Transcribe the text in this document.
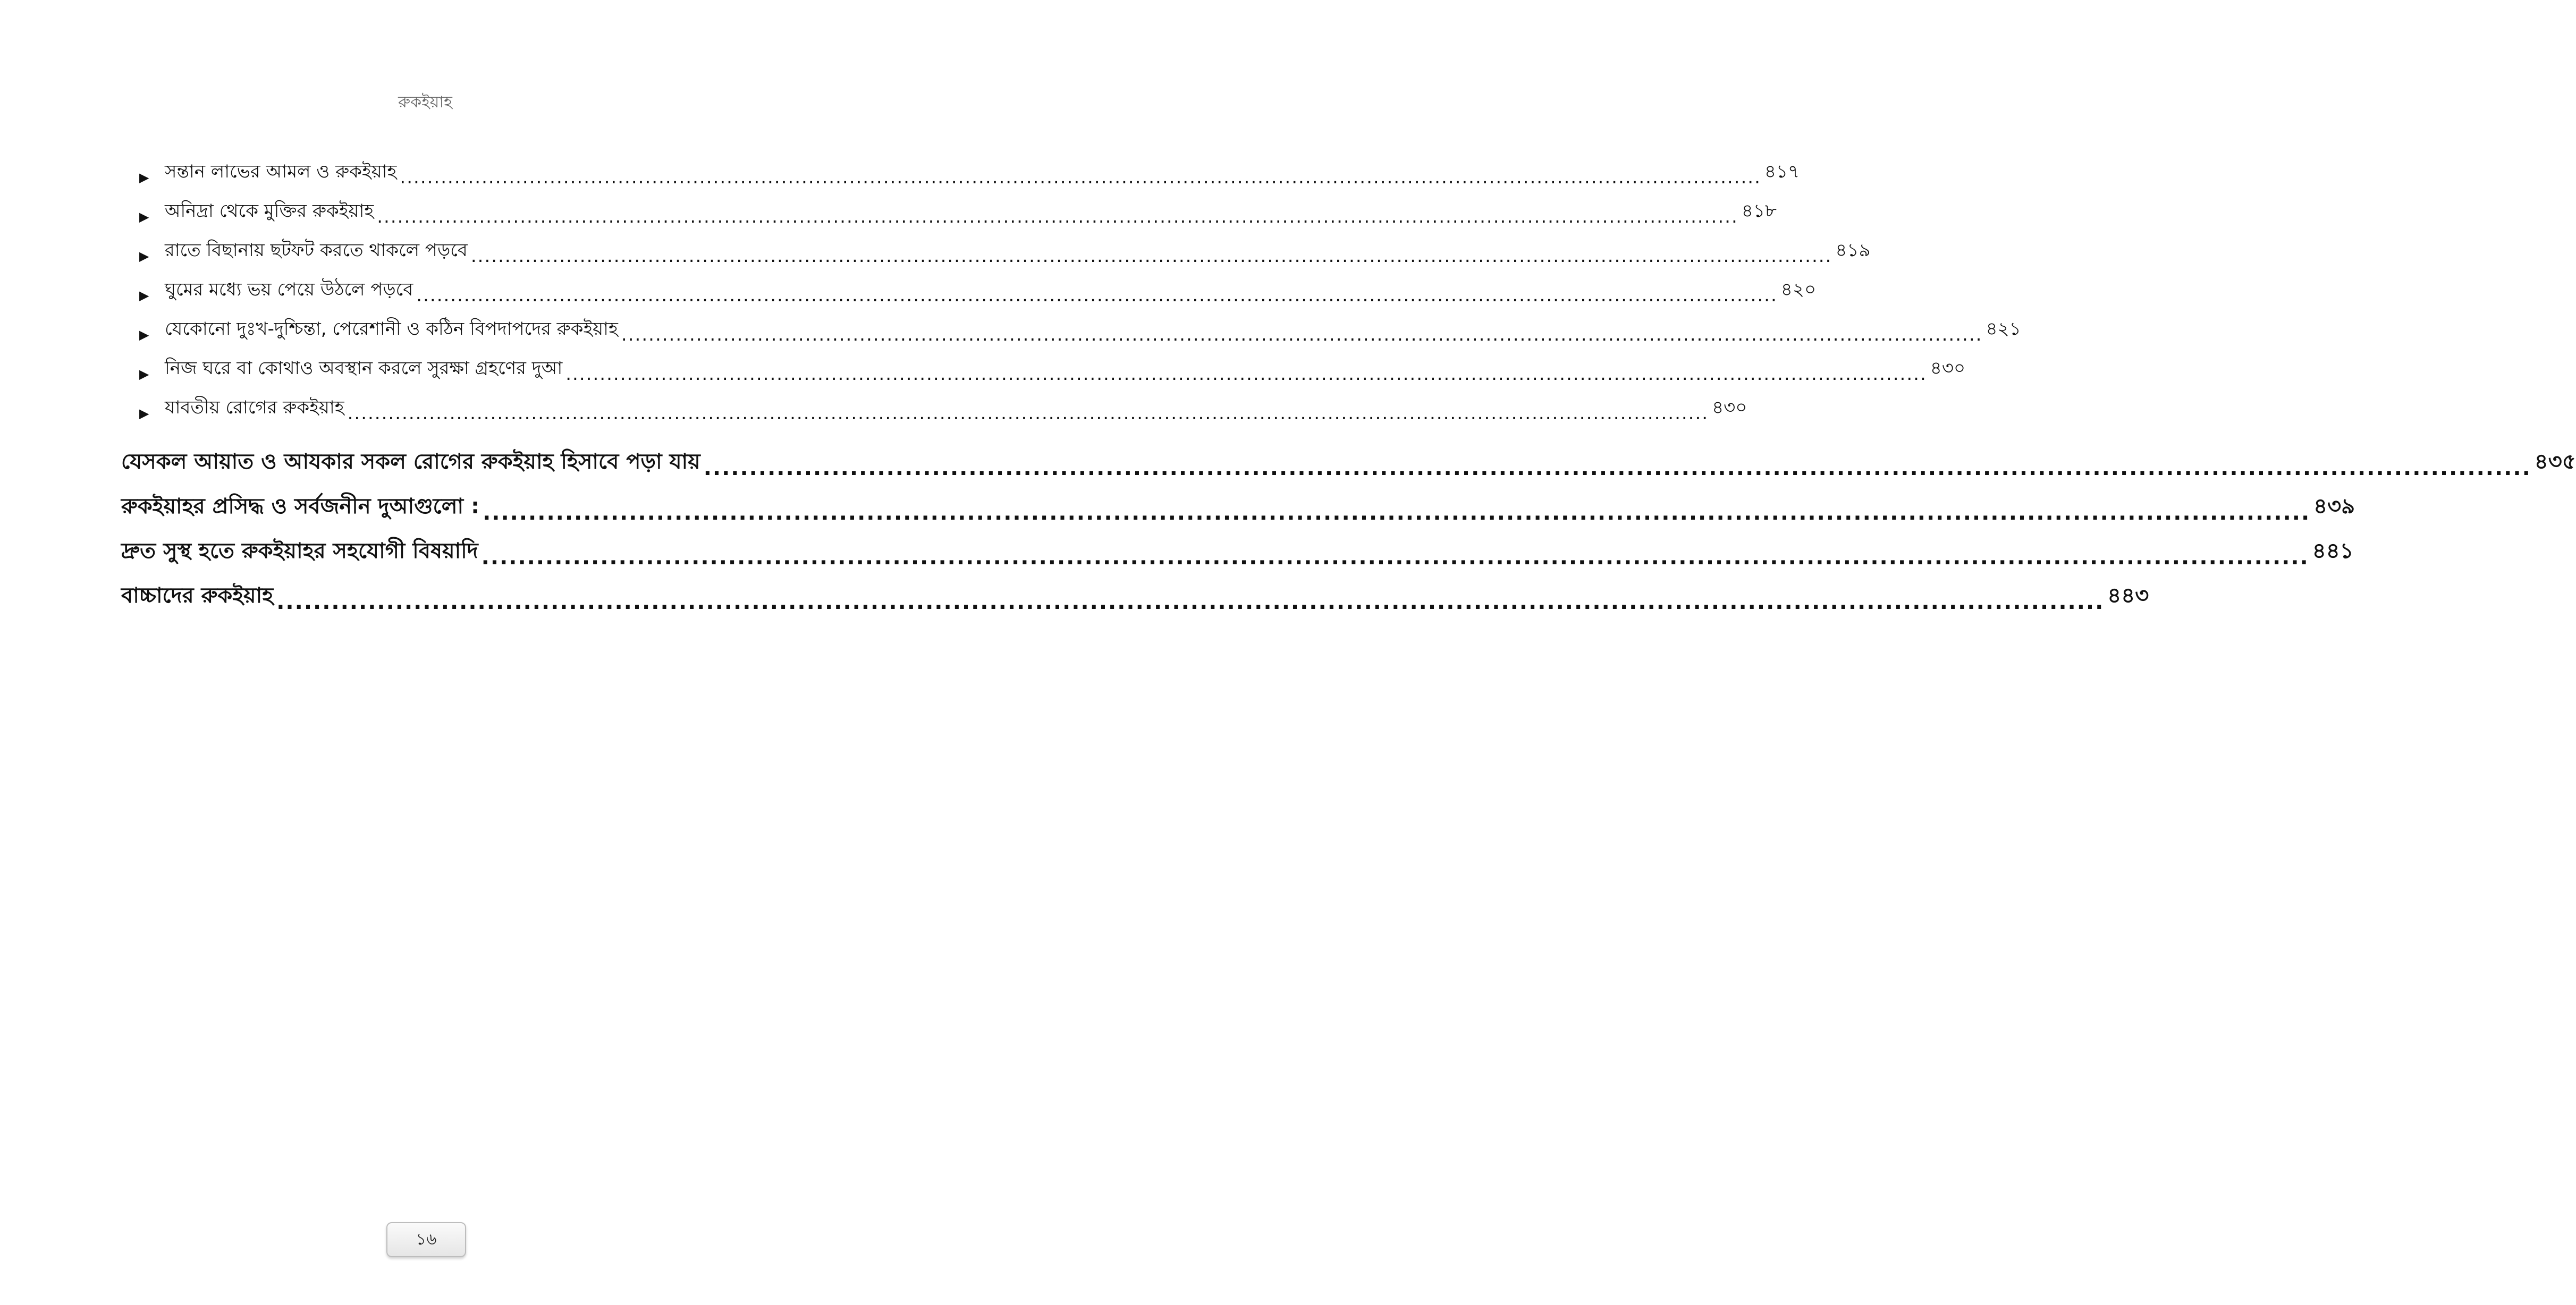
রুকইয়াহ
▶ সন্তান লাভের আমল ও রুকইয়াহ .....	৪১৭
▶ অনিদ্রা থেকে মুক্তির রুকইয়াহ .....	৪১৮
▶ রাতে বিছানায় ছটফট করতে থাকলে পড়বে .....	৪১৯
▶ ঘুমের মধ্যে ভয় পেয়ে উঠলে পড়বে .....	৪২০
▶ যেকোনো দুঃখ-দুশ্চিন্তা, পেরেশানী ও কঠিন বিপদাপদের রুকইয়াহ .....	৪২১
▶ নিজ ঘরে বা কোথাও অবস্থান করলে সুরক্ষা গ্রহণের দুআ .....	৪৩০
▶ যাবতীয় রোগের রুকইয়াহ .....	৪৩০
যেসকল আয়াত ও আযকার সকল রোগের রুকইয়াহ হিসাবে পড়া যায় .....	৪৩৫
রুকইয়াহর প্রসিদ্ধ ও সর্বজনীন দুআগুলো : .....	৪৩৯
দ্রুত সুস্থ হতে রুকইয়াহর সহযোগী বিষয়াদি .....	৪৪১
বাচ্চাদের রুকইয়াহ .....	৪৪৩
১৬
